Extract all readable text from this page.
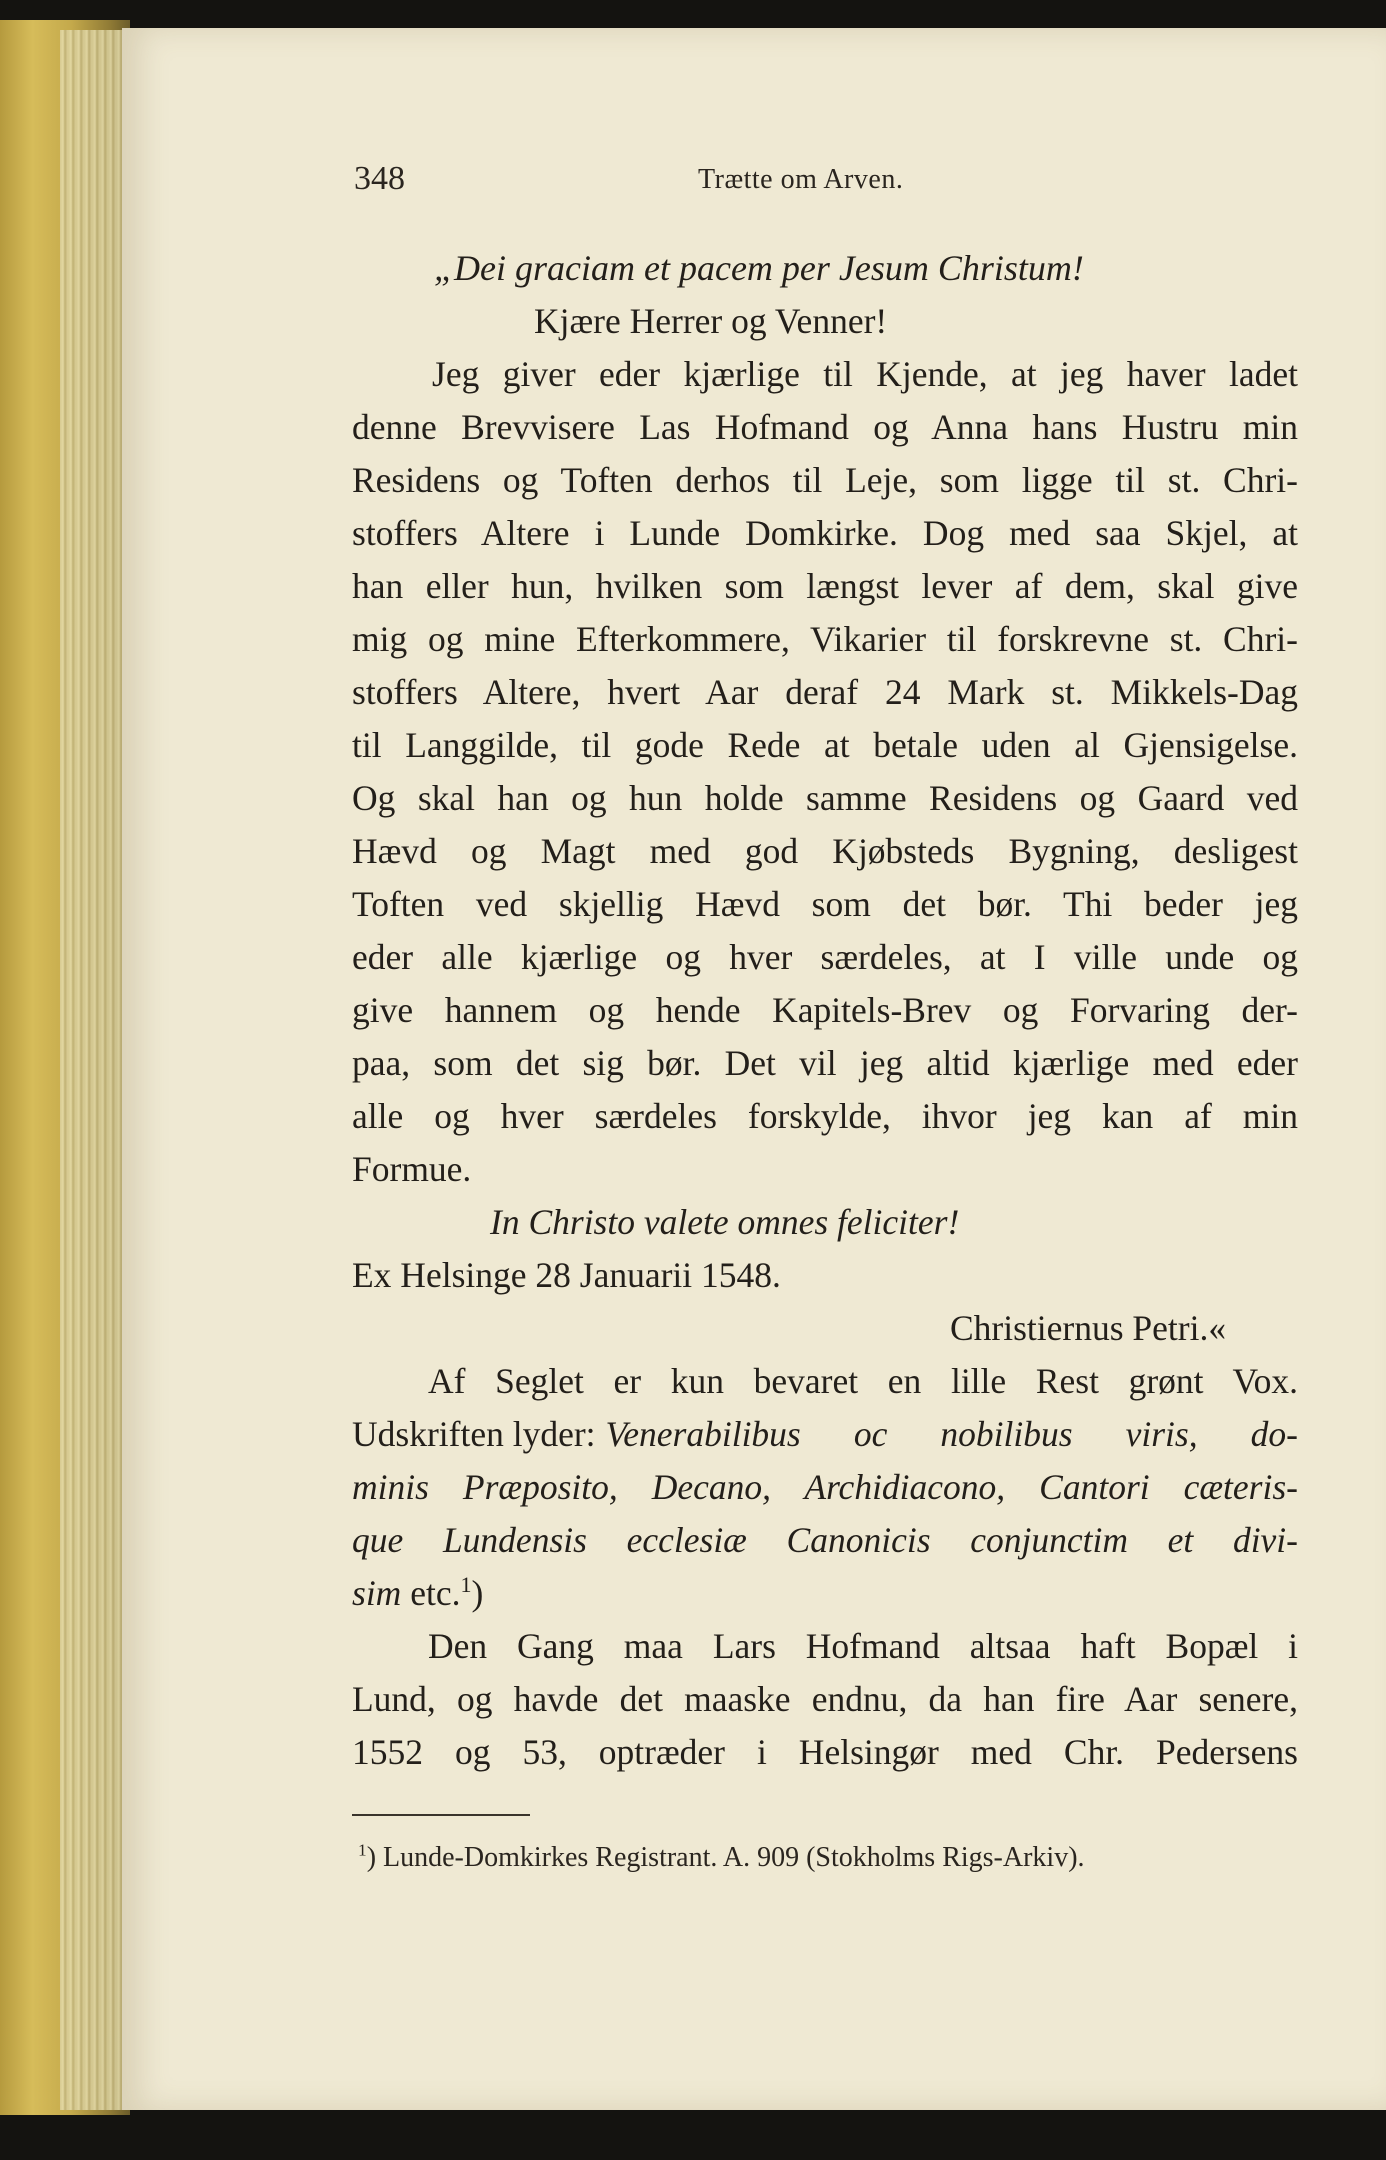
348	Trætte om Arven.
„Dei graciam et pacem per Jesum Christum!
Kjære Herrer og Venner!
Jeg giver eder kjærlige til Kjende, at jeg haver ladet
denne Brevvisere Las Hofmand og Anna hans Hustru min
Residens og Toften derhos til Leje, som ligge til st. Chri-
stoffers Altere i Lunde Domkirke. Dog med saa Skjel, at
han eller hun, hvilken som længst lever af dem, skal give
mig og mine Efterkommere, Vikarier til forskrevne st. Chri-
stoffers Altere, hvert Aar deraf 24 Mark st. Mikkels-Dag
til Langgilde, til gode Rede at betale uden al Gjensigelse.
Og skal han og hun holde samme Residens og Gaard ved
Hævd og Magt med god Kjøbsteds Bygning, desligest
Toften ved skjellig Hævd som det bør. Thi beder jeg
eder alle kjærlige og hver særdeles, at I ville unde og
give hannem og hende Kapitels-Brev og Forvaring der-
paa, som det sig bør. Det vil jeg altid kjærlige med eder
alle og hver særdeles forskylde, ihvor jeg kan af min
Formue.
In Christo valete omnes feliciter!
Ex Helsinge 28 Januarii 1548.
Christiernus Petri.«
Af Seglet er kun bevaret en lille Rest grønt Vox.
Udskriften lyder: Venerabilibus oc nobilibus viris, do-
minis Præposito, Decano, Archidiacono, Cantori cæteris-
que Lundensis ecclesiæ Canonicis conjunctim et divi-
sim etc.$^1$)
Den Gang maa Lars Hofmand altsaa haft Bopæl i
Lund, og havde det maaske endnu, da han fire Aar senere,
1552 og 53, optræder i Helsingør med Chr. Pedersens
$^1$) Lunde-Domkirkes Registrant. A. 909 (Stokholms Rigs-Arkiv).
